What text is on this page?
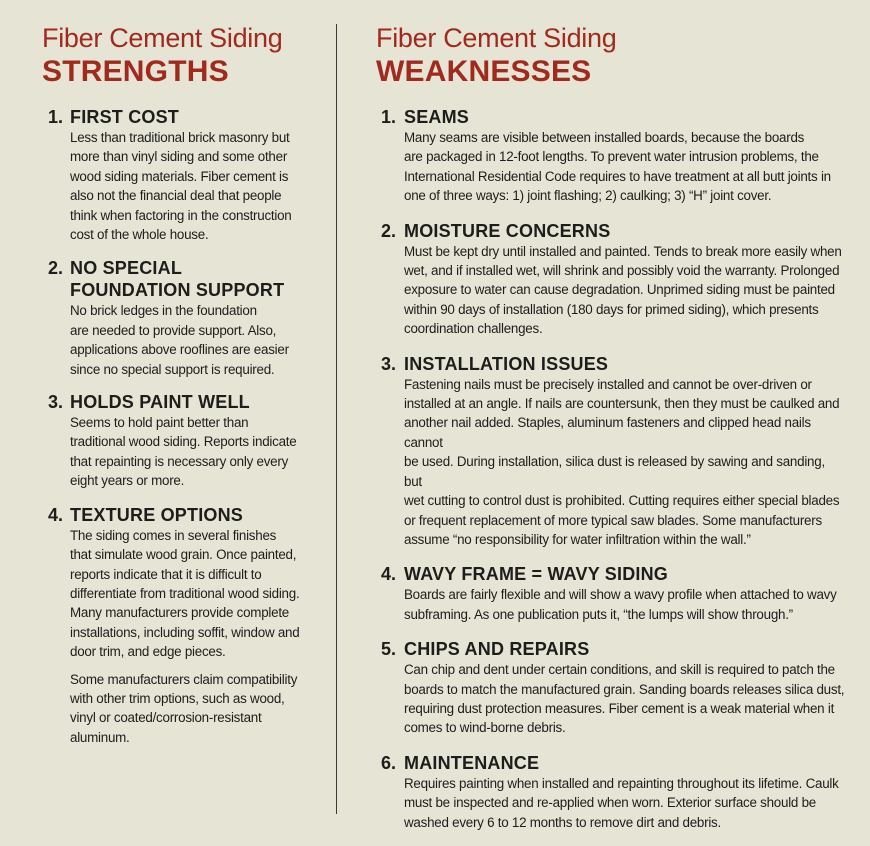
Fiber Cement Siding
STRENGTHS
1. FIRST COST
Less than traditional brick masonry but
more than vinyl siding and some other
wood siding materials. Fiber cement is
also not the financial deal that people
think when factoring in the construction
cost of the whole house.
2. NO SPECIAL
FOUNDATION SUPPORT
No brick ledges in the foundation
are needed to provide support. Also,
applications above rooflines are easier
since no special support is required.
3. HOLDS PAINT WELL
Seems to hold paint better than
traditional wood siding. Reports indicate
that repainting is necessary only every
eight years or more.
4. TEXTURE OPTIONS

The siding comes in several finishes
that simulate wood grain. Once painted,
reports indicate that it is difficult to
differentiate from traditional wood siding.
Many manufacturers provide complete
installations, including soffit, window and
door trim, and edge pieces.

Some manufacturers claim compatibility
with other trim options, such as wood,
vinyl or coated/corrosion-resistant
aluminum.

Fiber Cement Siding
WEAKNESSES
1. SEAMS
Many seams are visible between installed boards, because the boards
are packaged in 12-foot lengths. To prevent water intrusion problems, the
International Residential Code requires to have treatment at all butt joints in
one of three ways: 1) joint flashing; 2) caulking; 3) “H” joint cover.
2. MOISTURE CONCERNS
Must be kept dry until installed and painted. Tends to break more easily when
wet, and if installed wet, will shrink and possibly void the warranty. Prolonged
exposure to water can cause degradation. Unprimed siding must be painted
within 90 days of installation (180 days for primed siding), which presents
coordination challenges.
3. INSTALLATION ISSUES
Fastening nails must be precisely installed and cannot be over-driven or
installed at an angle. If nails are countersunk, then they must be caulked and
another nail added. Staples, aluminum fasteners and clipped head nails cannot
be used. During installation, silica dust is released by sawing and sanding, but
wet cutting to control dust is prohibited. Cutting requires either special blades
or frequent replacement of more typical saw blades. Some manufacturers
assume “no responsibility for water infiltration within the wall.”
4. WAVY FRAME = WAVY SIDING
Boards are fairly flexible and will show a wavy profile when attached to wavy
subframing. As one publication puts it, “the lumps will show through.”
5. CHIPS AND REPAIRS
Can chip and dent under certain conditions, and skill is required to patch the
boards to match the manufactured grain. Sanding boards releases silica dust,
requiring dust protection measures. Fiber cement is a weak material when it
comes to wind-borne debris.
6. MAINTENANCE
Requires painting when installed and repainting throughout its lifetime. Caulk
must be inspected and re-applied when worn. Exterior surface should be
washed every 6 to 12 months to remove dirt and debris.
